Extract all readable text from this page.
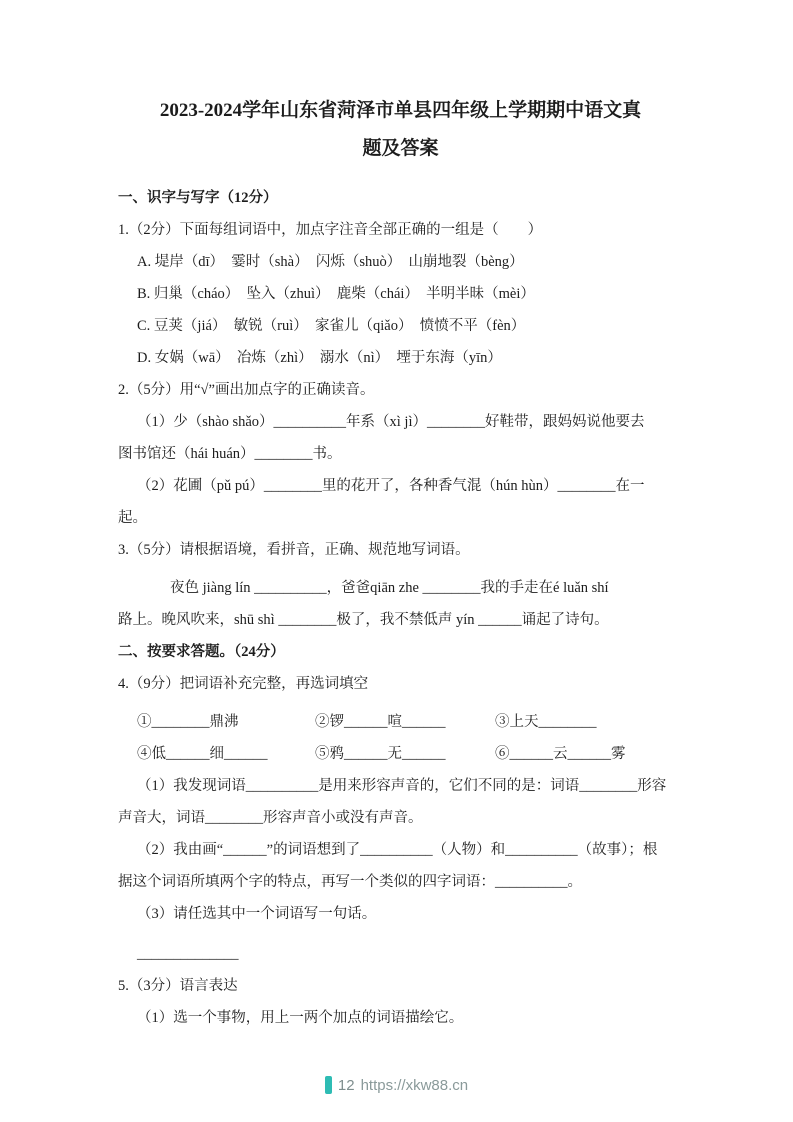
2023-2024学年山东省菏泽市单县四年级上学期期中语文真
题及答案
一、识字与写字（12分）
1.（2分）下面每组词语中，加点字注音全部正确的一组是（　　）
A. 堤岸（dī）　霎时（shà）　闪烁（shuò）　山崩地裂（bèng）
B. 归巢（cháo）　坠入（zhuì）　鹿柴（chái）　半明半昧（mèi）
C. 豆荚（jiá）　敏锐（ruì）　家雀儿（qiǎo）　愤愤不平（fèn）
D. 女娲（wā）　冶炼（zhì）　溺水（nì）　堙于东海（yīn）
2.（5分）用“√”画出加点字的正确读音。
（1）少（shào shǎo）__________年系（xì jì）________好鞋带，跟妈妈说他要去
图书馆还（hái huán）________书。
（2）花圃（pǔ pú）________里的花开了，各种香气混（hún hùn）________在一
起。
3.（5分）请根据语境，看拼音，正确、规范地写词语。
夜色 jiàng lín __________，爸爸qiān zhe ________我的手走在é luǎn shí
路上。晚风吹来，shū shì ________极了，我不禁低声 yín ______诵起了诗句。
二、按要求答题。（24分）
4.（9分）把词语补充完整，再选词填空
①________鼎沸	②锣______喧______	③上天________
④低______细______	⑤鸦______无______	⑥______云______雾
（1）我发现词语__________是用来形容声音的，它们不同的是：词语________形容
声音大，词语________形容声音小或没有声音。
（2）我由画“______”的词语想到了__________（人物）和__________（故事）；根
据这个词语所填两个字的特点，再写一个类似的四字词语：__________。
（3）请任选其中一个词语写一句话。
______________
5.（3分）语言表达
（1）选一个事物，用上一两个加点的词语描绘它。
12 https://xkw88.cn
